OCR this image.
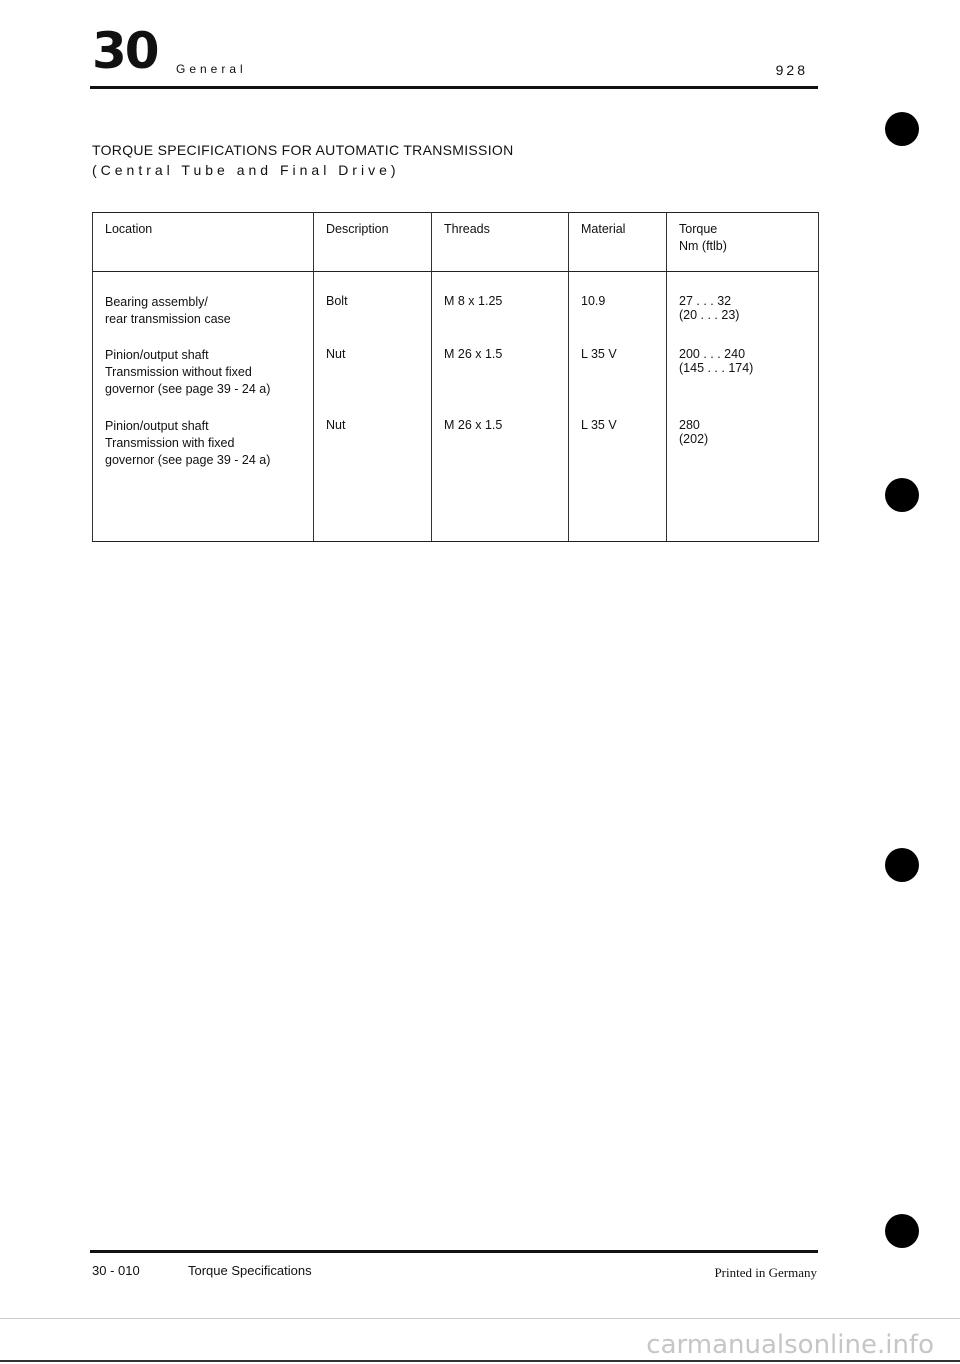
30 General	928
TORQUE SPECIFICATIONS FOR AUTOMATIC TRANSMISSION
(Central Tube and Final Drive)
Location	Description	Threads	Material	Torque
Nm (ftlb)
Bearing assembly/
rear transmission case	Bolt	M 8 x 1.25	10.9	27 . . . 32
(20 . . . 23)
Pinion/output shaft
Transmission without fixed
governor (see page 39 - 24 a)	Nut	M 26 x 1.5	L 35 V	200 . . . 240
(145 . . . 174)
Pinion/output shaft
Transmission with fixed
governor (see page 39 - 24 a)	Nut	M 26 x 1.5	L 35 V	280
(202)
30 - 010	Torque Specifications	Printed in Germany
carmanualsonline.info
